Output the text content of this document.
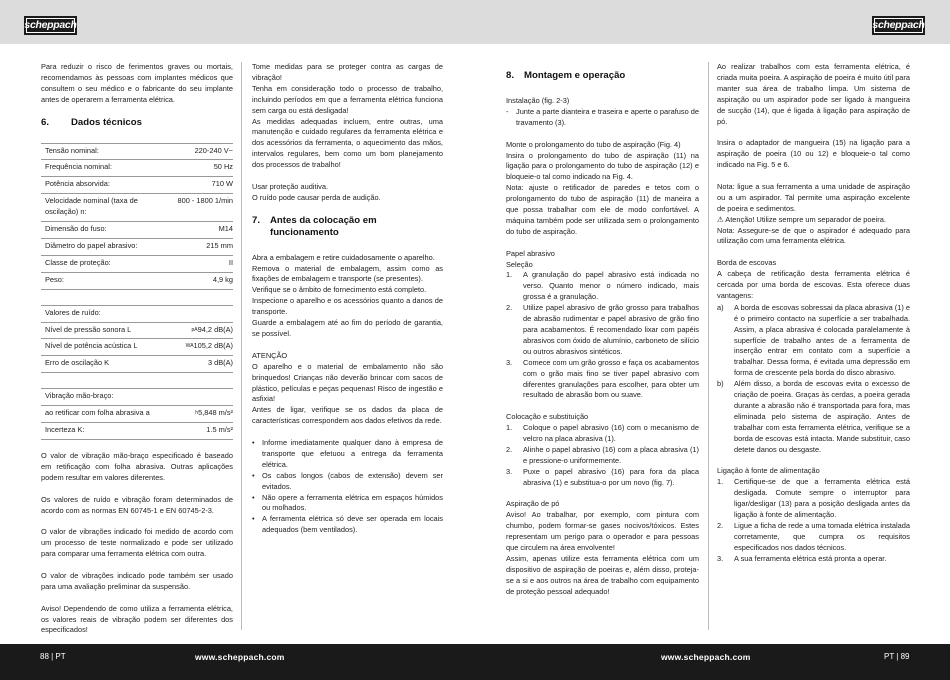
scheppach	scheppach

Para reduzir o risco de ferimentos graves ou mortais, recomendamos às pessoas com implantes médicos que consultem o seu médico e o fabricante do seu implante antes de operarem a ferramenta elétrica.

6.	Dados técnicos
Tensão nominal:	220-240 V~
Frequência nominal:	50 Hz
Potência absorvida:	710 W
Velocidade nominal (taxa de oscilação) n:
800 - 1800 1/min
Dimensão do fuso:	M14
Diâmetro do papel abrasivo:	215 mm
Classe de proteção:	II
Peso:	4,9 kg
Valores de ruído:
Nível de pressão sonora L	pA 94,2 dB(A)
Nível de potência acústica L	WA 105,2 dB(A)
Erro de oscilação K	3 dB(A)
Vibração mão-braço:
ao retificar com folha abrasiva a	h 5,848 m/s²
Incerteza K:	1.5 m/s²

O valor de vibração mão-braço especificado é baseado em retificação com folha abrasiva. Outras aplicações podem resultar em valores diferentes.

Os valores de ruído e vibração foram determinados de acordo com as normas EN 60745-1 e EN 60745-2-3.

O valor de vibrações indicado foi medido de acordo com um processo de teste normalizado e pode ser utilizado para comparar uma ferramenta elétrica com outra.

O valor de vibrações indicado pode também ser usado para uma avaliação preliminar da suspensão.

Aviso! Dependendo de como utiliza a ferramenta elétrica, os valores reais de vibração podem ser diferentes dos especificados!

Tome medidas para se proteger contra as cargas de vibração!

Tenha em consideração todo o processo de trabalho, incluindo períodos em que a ferramenta elétrica funciona sem carga ou está desligada!

As medidas adequadas incluem, entre outras, uma manutenção e cuidado regulares da ferramenta elétrica e dos acessórios da ferramenta, o aquecimento das mãos, intervalos regulares, bem como um bom planejamento dos processos de trabalho!

Usar proteção auditiva.

O ruído pode causar perda de audição.

7.	Antes da colocação em funcionamento

Abra a embalagem e retire cuidadosamente o aparelho.

Remova o material de embalagem, assim como as fixações de embalagem e transporte (se presentes).

Verifique se o âmbito de fornecimento está completo.

Inspecione o aparelho e os acessórios quanto a danos de transporte.

Guarde a embalagem até ao fim do período de garantia, se possível.

ATENÇÃO

O aparelho e o material de embalamento não são brinquedos! Crianças não deverão brincar com sacos de plástico, películas e peças pequenas! Risco de ingestão e asfixia!

Antes de ligar, verifique se os dados da placa de características correspondem aos dados efetivos da rede.

• Informe imediatamente qualquer dano à empresa de transporte que efetuou a entrega da ferramenta elétrica.
• Os cabos longos (cabos de extensão) devem ser evitados.
• Não opere a ferramenta elétrica em espaços húmidos ou molhados.
• A ferramenta elétrica só deve ser operada em locais adequados (bem ventilados).
8.	Montagem e operação

Instalação (fig. 2-3)

- Junte a parte dianteira e traseira e aperte o parafuso de travamento (3).

Monte o prolongamento do tubo de aspiração (Fig. 4)

Insira o prolongamento do tubo de aspiração (11) na ligação para o prolongamento do tubo de aspiração (12) e bloqueie-o tal como indicado na Fig. 4.

Nota: ajuste o retificador de paredes e tetos com o prolongamento do tubo de aspiração (11) de maneira a que possa trabalhar com ele de modo confortável. A máquina também pode ser utilizada sem o prolongamento do tubo de aspiração.

Papel abrasivo

Seleção

1. A granulação do papel abrasivo está indicada no verso. Quanto menor o número indicado, mais grossa é a granulação.
2. Utilize papel abrasivo de grão grosso para trabalhos de abrasão rudimentar e papel abrasivo de grão fino para acabamentos. É recomendado lixar com papéis abrasivos com óxido de alumínio, carboneto de silício ou outros abrasivos sintéticos.
3. Comece com um grão grosso e faça os acabamentos com o grão mais fino se tiver papel abrasivo com diferentes granulações para escolher, para obter um resultado de abrasão bom ou suave.

Colocação e substituição

1. Coloque o papel abrasivo (16) com o mecanismo de velcro na placa abrasiva (1).
2. Alinhe o papel abrasivo (16) com a placa abrasiva (1) e pressione-o uniformemente.
3. Puxe o papel abrasivo (16) para fora da placa abrasiva (1) e substitua-o por um novo (fig. 7).

Aspiração de pó

Aviso! Ao trabalhar, por exemplo, com pintura com chumbo, podem formar-se gases nocivos/tóxicos. Estes representam um perigo para o operador e para pessoas que circulem na área envolvente!

Assim, apenas utilize esta ferramenta elétrica com um dispositivo de aspiração de poeiras e, além disso, proteja-se a si e aos outros na área de trabalho com equipamento de proteção pessoal adequado!

Ao realizar trabalhos com esta ferramenta elétrica, é criada muita poeira. A aspiração de poeira é muito útil para manter sua área de trabalho limpa. Um sistema de aspiração ou um aspirador pode ser ligado à mangueira de sucção (14), que é ligada à ligação para aspiração de pó.

Insira o adaptador de mangueira (15) na ligação para a aspiração de poeira (10 ou 12) e bloqueie-o tal como indicado na Fig. 5 e 6.

Nota: ligue a sua ferramenta a uma unidade de aspiração ou a um aspirador. Tal permite uma aspiração excelente de poeira e sedimentos.

⚠ Atenção! Utilize sempre um separador de poeira.

Nota: Assegure-se de que o aspirador é adequado para utilização com uma ferramenta elétrica.

Borda de escovas

A cabeça de retificação desta ferramenta elétrica é cercada por uma borda de escovas. Esta oferece duas vantagens:

a) A borda de escovas sobressai da placa abrasiva (1) e é o primeiro contacto na superfície a ser trabalhada. Assim, a placa abrasiva é colocada paralelamente à superfície de trabalho antes de a ferramenta de inserção entrar em contato com a superfície a trabalhar. Dessa forma, é evitada uma depressão em forma de crescente pela borda do disco abrasivo.
b) Além disso, a borda de escovas evita o excesso de criação de poeira. Graças às cerdas, a poeira gerada durante a abrasão não é transportada para fora, mas eliminada pelo sistema de aspiração. Antes de trabalhar com esta ferramenta elétrica, verifique se a borda de escovas está intacta. Mande substituir, caso detete danos ou desgaste.

Ligação à fonte de alimentação

1. Certifique-se de que a ferramenta elétrica está desligada. Comute sempre o interruptor para ligar/desligar (13) para a posição desligada antes da ligação à fonte de alimentação.
2. Ligue a ficha de rede a uma tomada elétrica instalada corretamente, que cumpra os requisitos especificados nos dados técnicos.
3. A sua ferramenta elétrica está pronta a operar.
88 | PT	www.scheppach.com	www.scheppach.com	PT | 89
